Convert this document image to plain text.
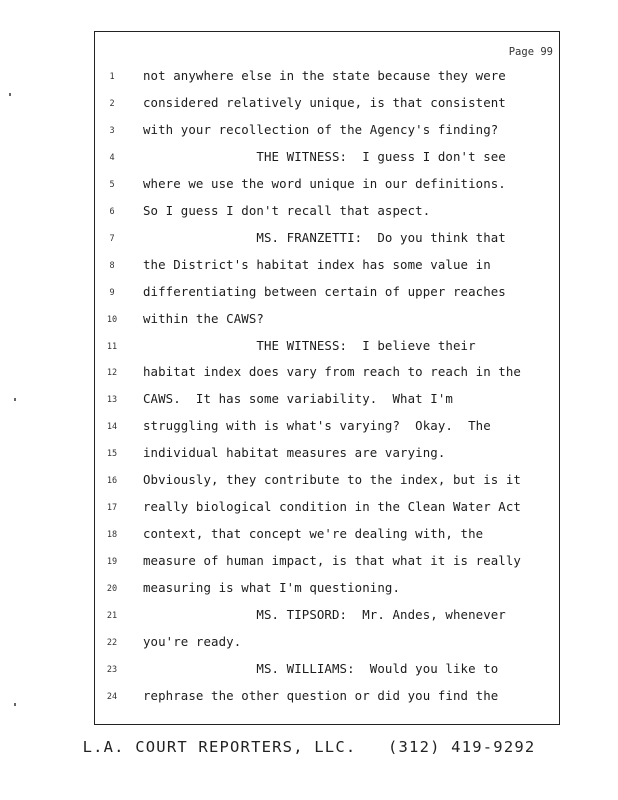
Page 99
1	not anywhere else in the state because they were
2	considered relatively unique, is that consistent
3	with your recollection of the Agency's finding?
4	THE WITNESS:  I guess I don't see
5	where we use the word unique in our definitions.
6	So I guess I don't recall that aspect.
7	MS. FRANZETTI:  Do you think that
8	the District's habitat index has some value in
9	differentiating between certain of upper reaches
10	within the CAWS?
11	THE WITNESS:  I believe their
12	habitat index does vary from reach to reach in the
13	CAWS.  It has some variability.  What I'm
14	struggling with is what's varying?  Okay.  The
15	individual habitat measures are varying.
16	Obviously, they contribute to the index, but is it
17	really biological condition in the Clean Water Act
18	context, that concept we're dealing with, the
19	measure of human impact, is that what it is really
20	measuring is what I'm questioning.
21	MS. TIPSORD:  Mr. Andes, whenever
22	you're ready.
23	MS. WILLIAMS:  Would you like to
24	rephrase the other question or did you find the
L.A. COURT REPORTERS, LLC.   (312) 419-9292
